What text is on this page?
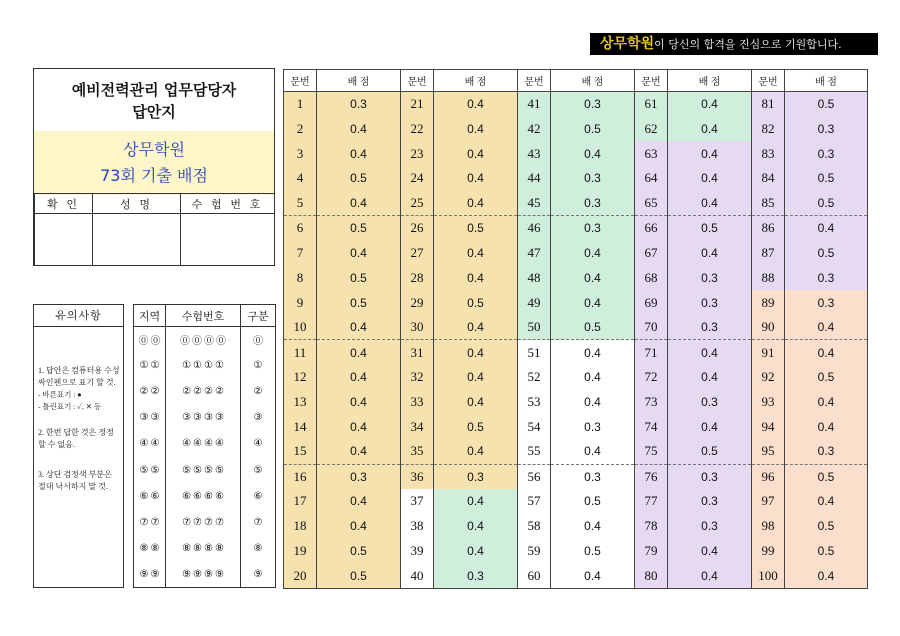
상무학원이 당신의 합격을 진심으로 기원합니다.
예비전력관리 업무담당자
답안지
상무학원
73회 기출 배점
확 인	성 명	수 험 번 호

유의사항

1. 답안은 컴퓨터용 수성 싸인펜으로 표기 할 것.

- 바른표기 : ●

- 틀린표기 : ✓, ✕ 등

2. 한번 답한 것은 정정할 수 없음.

3. 상단 검정색 부분은 절대 낙서하지 말 것.

지역	수험번호	구분
⓪ ⓪	⓪ ⓪ ⓪ ⓪	⓪
① ①	① ① ① ①	①
② ②	② ② ② ②	②
③ ③	③ ③ ③ ③	③
④ ④	④ ④ ④ ④	④
⑤ ⑤	⑤ ⑤ ⑤ ⑤	⑤
⑥ ⑥	⑥ ⑥ ⑥ ⑥	⑥
⑦ ⑦	⑦ ⑦ ⑦ ⑦	⑦
⑧ ⑧	⑧ ⑧ ⑧ ⑧	⑧
⑨ ⑨	⑨ ⑨ ⑨ ⑨	⑨
문번	배 점	문번	배 점	문번	배 점	문번	배 점	문번	배 점
1	0.3	21	0.4	41	0.3	61	0.4	81	0.5
2	0.4	22	0.4	42	0.5	62	0.4	82	0.3
3	0.4	23	0.4	43	0.4	63	0.4	83	0.3
4	0.5	24	0.4	44	0.3	64	0.4	84	0.5
5	0.4	25	0.4	45	0.3	65	0.4	85	0.5
6	0.5	26	0.5	46	0.3	66	0.5	86	0.4
7	0.4	27	0.4	47	0.4	67	0.4	87	0.5
8	0.5	28	0.4	48	0.4	68	0.3	88	0.3
9	0.5	29	0.5	49	0.4	69	0.3	89	0.3
10	0.4	30	0.4	50	0.5	70	0.3	90	0.4
11	0.4	31	0.4	51	0.4	71	0.4	91	0.4
12	0.4	32	0.4	52	0.4	72	0.4	92	0.5
13	0.4	33	0.4	53	0.4	73	0.3	93	0.4
14	0.4	34	0.5	54	0.3	74	0.4	94	0.4
15	0.4	35	0.4	55	0.4	75	0.5	95	0.3
16	0.3	36	0.3	56	0.3	76	0.3	96	0.5
17	0.4	37	0.4	57	0.5	77	0.3	97	0.4
18	0.4	38	0.4	58	0.4	78	0.3	98	0.5
19	0.5	39	0.4	59	0.5	79	0.4	99	0.5
20	0.5	40	0.3	60	0.4	80	0.4	100	0.4
